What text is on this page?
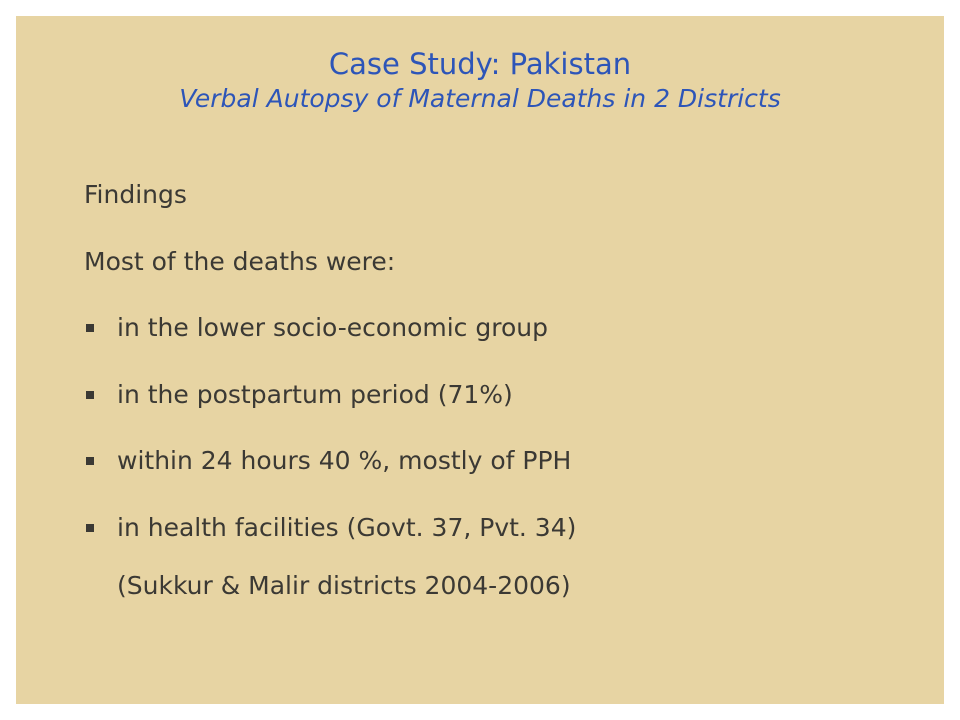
Case Study: Pakistan
Verbal Autopsy of Maternal Deaths in 2 Districts
Findings
Most of the deaths were:
in the lower socio-economic group
in the postpartum period (71%)
within 24 hours 40 %, mostly of PPH
in health facilities (Govt. 37, Pvt. 34)
(Sukkur & Malir districts 2004-2006)
